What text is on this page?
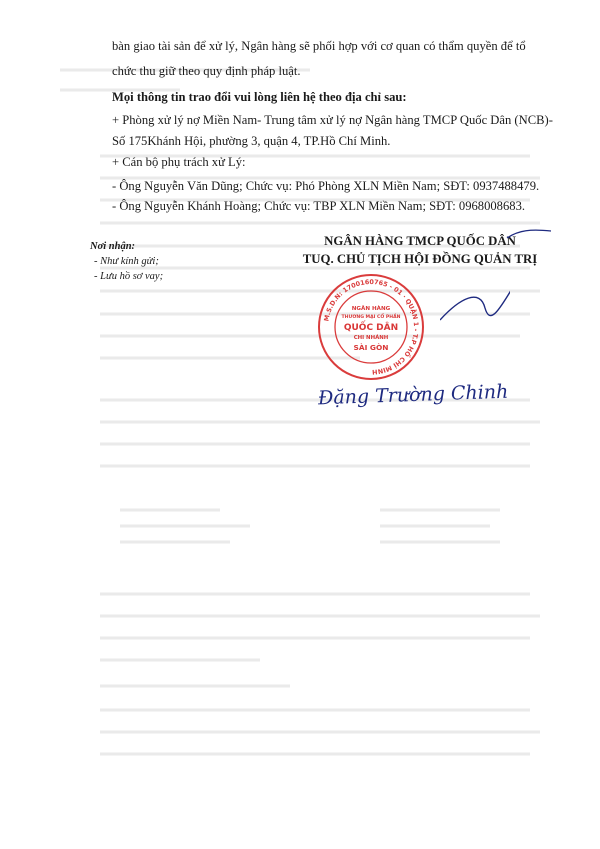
bàn giao tài sản để xử lý, Ngân hàng sẽ phối hợp với cơ quan có thẩm quyền để tổ
chức thu giữ theo quy định pháp luật.
Mọi thông tin trao đổi vui lòng liên hệ theo địa chỉ sau:
+ Phòng xử lý nợ Miền Nam- Trung tâm xử lý nợ Ngân hàng TMCP Quốc Dân (NCB)-
Số 175Khánh Hội, phường 3, quận 4, TP.Hồ Chí Minh.
+ Cán bộ phụ trách xử Lý:
- Ông Nguyễn Văn Dũng; Chức vụ: Phó Phòng XLN Miền Nam; SĐT: 0937488479.
- Ông Nguyễn Khánh Hoàng; Chức vụ: TBP XLN Miền Nam; SĐT: 0968008683.
NGÂN HÀNG TMCP QUỐC DÂN
TUQ. CHỦ TỊCH HỘI ĐỒNG QUẢN TRỊ
Nơi nhận:
- Như kính gửi;
- Lưu hồ sơ vay;
M.S.D.N: 1700160765 - 01 · QUẬN 1 - T.P HỒ CHÍ MINH
NGÂN HÀNG
THƯƠNG MẠI CỔ PHẦN
QUỐC DÂN
CHI NHÁNH
SÀI GÒN
Đặng Trường Chinh
